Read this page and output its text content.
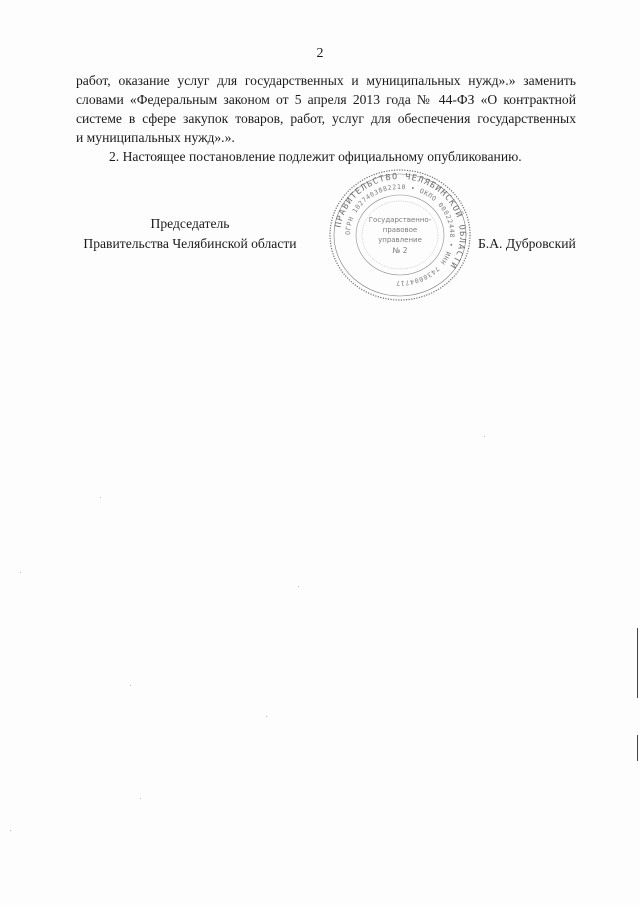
2
работ, оказание услуг для государственных и муниципальных нужд».» заменить
словами «Федеральным законом от 5 апреля 2013 года № 44-ФЗ «О контрактной
системе в сфере закупок товаров, работ, услуг для обеспечения государственных
и муниципальных нужд».».
2. Настоящее постановление подлежит официальному опубликованию.
Председатель
Правительства Челябинской области
ПРАВИТЕЛЬСТВО ЧЕЛЯБИНСКОЙ ОБЛАСТИ
ОГРН 1027403882210 • ОКПО 00022448 • ИНН 7430004717
Государственно-
правовое
управление
№ 2	Б.А. Дубровский
